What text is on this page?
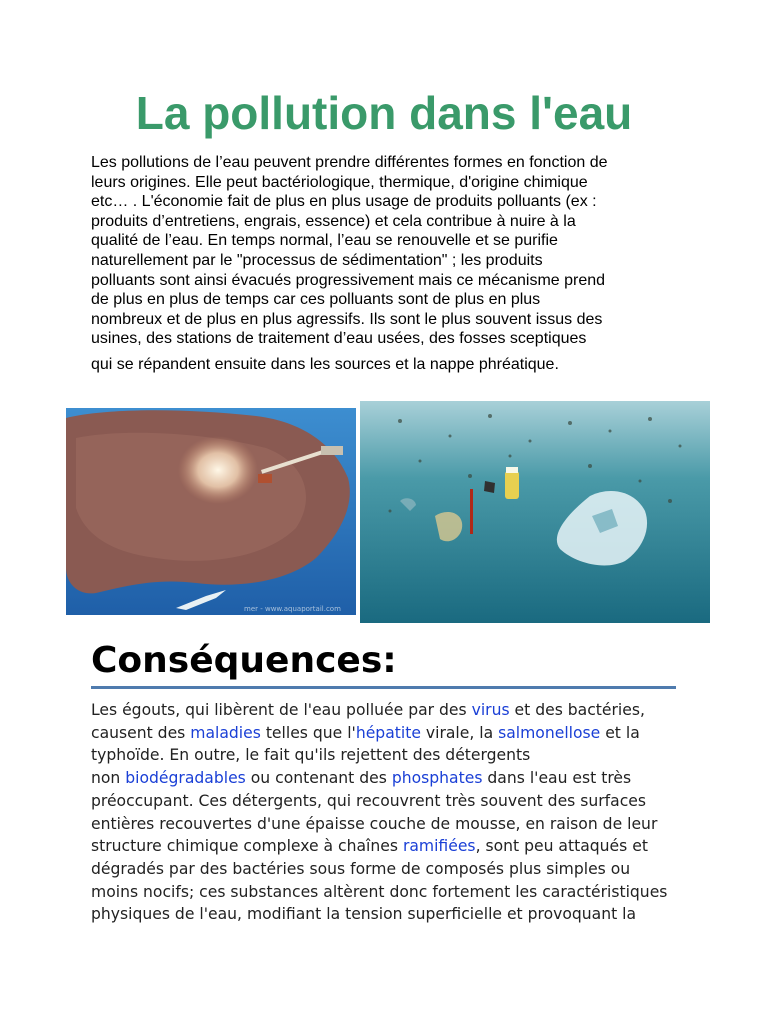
La pollution dans l'eau
Les pollutions de l’eau peuvent prendre différentes formes en fonction de
leurs origines. Elle peut bactériologique, thermique, d'origine chimique
etc… . L'économie fait de plus en plus usage de produits polluants (ex :
produits d’entretiens, engrais, essence) et cela contribue à nuire à la
qualité de l’eau. En temps normal, l’eau se renouvelle et se purifie
naturellement par le "processus de sédimentation" ; les produits
polluants sont ainsi évacués progressivement mais ce mécanisme prend
de plus en plus de temps car ces polluants sont de plus en plus
nombreux et de plus en plus agressifs. Ils sont le plus souvent issus des
usines, des stations de traitement d’eau usées, des fosses sceptiques
qui se répandent ensuite dans les sources et la nappe phréatique.
mer - www.aquaportail.com
Conséquences:
Les égouts, qui libèrent de l'eau polluée par des virus et des bactéries,
causent des maladies telles que l'hépatite virale, la salmonellose et la
typhoïde. En outre, le fait qu'ils rejettent des détergents
non biodégradables ou contenant des phosphates dans l'eau est très
préoccupant. Ces détergents, qui recouvrent très souvent des surfaces
entières recouvertes d'une épaisse couche de mousse, en raison de leur
structure chimique complexe à chaînes ramifiées, sont peu attaqués et
dégradés par des bactéries sous forme de composés plus simples ou
moins nocifs; ces substances altèrent donc fortement les caractéristiques
physiques de l'eau, modifiant la tension superficielle et provoquant la
